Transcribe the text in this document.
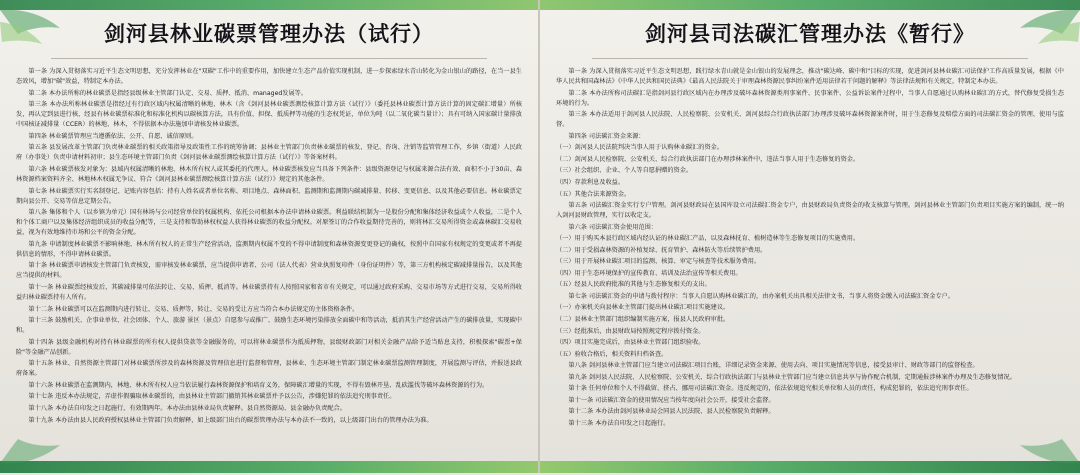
剑河县林业碳票管理办法（试行）

第一条 为深入贯彻落实习近平生态文明思想，充分发挥林业在"双碳"工作中的重要作用，加快建立生态产品价值实现机制，进一步探索绿水青山转化为金山银山的路径，在当一县生态效风，增加"碳"效益，特制定本办法。

第二条 本办法所称的林业碳票是指经县级林业主管部门认定、交易、质押、抵消、managed发展等。

第三条 本办法所称林业碳票是指经过有行政区域内权属清晰的林地、林木（含《剑河县林业碳票测绘核算计算方法（试行）》（委托县林业碳票计算方法计算的固定碳汇增量）所核发，再认定到县进行核，经县有林业碳票标准化和标准化机构以碳核算方法，具有价值、担保、抵质押等功能的生态权凭证，单位为吨（以二氧化碳当量计）；具有可纳入国家碳计量排放中国核证减排量（CCER）的林地、林木，不得依据本办法施加申请核发林业碳票。

第四条 林业碳票管理应当遵循依法、公开、自愿、诚信原则。

第五条 县发展改革主管部门负责林业碳票的相关政策指导及政策性工作的统筹协调；县林业主管部门负责林业碳票的核发、登记、咨询、注销等监管管理工作，乡镇（街道）人民政府（办事处）负责申请材料初审；县生态环境主管部门负责《剑河县林业碳票测绘核算计算方法（试行）》等备案材料。

第六条 林业碳票核发对象为：县域内权属清晰的林地、林木所有权人或其委托的代理人。林业碳票核发应当具备下列条件：县级资源登记与权属来源合法有效、面积不小于30亩、森林资源档案资料齐全、林地林木权属无争议、符合《剑河县林业碳票测绘核算计算方法（试行）》规定的其他条件。

第七条 林业碳票实行实名制登记、记账内容包括：持有人姓名或者单位名称、项目地点、森林面积、监测期和监测期内碳减排量、转移、变更信息、以及其他必要信息。林业碳票定期向县公开、交易等信息定期公告。

第八条 集体和个人（以乡镇为单元）国有林场与公司经营单位的权属机构、依托公司根据本办法申请林业碳票。利益联结机制为一是股份分配和集体经济收益或个人收益，二是个人和个体工商户以及集体经济组织成员的收益分配等，三是支持和帮助林权权益人获得林业碳票的收益分配权。对原签订的合作收益期待完善的，则将林汇交易所得资金或森林碳汇交易收益，视为有效地维持市场和公平的资金分配。

第九条 申请制度林业碳票不影响林地、林木所有权人的正常生产经营活动，监测期内权属不变的不得申请制度和森林资源变更登记的确权，按照中自国家有权规定的变更或者不再提供信息的情形，不得申请林业碳票。

第十条 林业碳票申请核发主管部门负责核发，需审核发林业碳票，应当提供申请者、公司（法人代表）营业执照复印件（身份证明件）等，第三方机构核定碳减排量报告，以及其他应当提供的材料。

第十一条 林业碳票经核发后，其碳减排量可依法转让、交易、质押、抵消等。林业碳票持有人按照国家和省市有关规定，可以通过政府采购、交易市场等方式进行交易，交易所得收益归林业碳票持有人所有。

第十二条 林业碳票可以在监测期内进行转让、交易、质押等，转让、交易的受让方应当符合本办法规定的主体资格条件。

第十三条 鼓励机关、企事业单位、社会团体、个人、旅游 景区（景点）自愿参与或推广、鼓励生态环境污染排放全面碳中和等活动，抵消其生产经营活动产生的碳排放量，实现碳中和。

第十四条 县级金融机构对持有林业碳票的所有权人提供贷款等金融服务的，可以将林业碳票作为抵质押物，县级财政部门对相关金融产品给予适当贴息支持，积极探索"碳票+保险"等金融产品创新。

第十五条 林业、自然资源主管部门对林业碳票所涉及的森林资源及管理信息进行监督和管理，县林业、生态环境主管部门制定林业碳票监测管理制度，开展监测与评估，并报送县政府备案。

第十六条 林业碳票在监测期内，林地、林木所有权人应当依法履行森林资源保护和培育义务，保障碳汇增量的实现，不得有毁林开垦、乱砍滥伐等破坏森林资源的行为。

第十七条 违反本办法规定，弄虚作假骗取林业碳票的，由县林业主管部门撤销其林业碳票并予以公告，涉嫌犯罪的依法追究刑事责任。

第十八条 本办法自印发之日起施行，有效期两年。本办法由县林业局负责解释。县自然资源局、县金融办负责配合。

第十九条 本办法由县人民政府授权县林业主管部门负责解释，如上级部门出台的碳票管理办法与本办法不一致的，以上级部门出台的管理办法为准。

剑河县司法碳汇管理办法《暂行》

第一条 为深入贯彻落实习近平生态文明思想，践行绿水青山就是金山银山的发展理念，推动"碳达峰、碳中和"目标的实现，促进剑河县林业碳汇司法保护工作高质量发展，根据《中华人民共和国森林法》《中华人民共和国民法典》《最高人民法院关于审理森林资源民事纠纷案件适用法律若干问题的解释》等法律法规和有关规定，特制定本办法。

第二条 本办法所称司法碳汇是指剑河县行政区域内在办理涉及破坏森林资源类刑事案件、民事案件、公益诉讼案件过程中，当事人自愿通过认购林业碳汇的方式，替代修复受损生态环境的行为。

第三条 本办法适用于剑河县人民法院、人民检察院、公安机关、剑河县综合行政执法部门办理涉及破坏森林资源案件时，用于生态修复及赔偿方面的司法碳汇资金的管理、使用与监督。

第四条 司法碳汇资金来源：

（一）剑河县人民法院判决当事人用于认购林业碳汇的资金。

（二）剑河县人民检察院、公安机关、综合行政执法部门在办理涉林案件中，违法当事人用于生态修复的资金。

（三）社会组织、企业、个人等自愿捐赠的资金。

（四）存款利息及收益。

（五）其他合法来源资金。

第五条 司法碳汇资金实行专户管理。剑河县财政局在县国库设立司法碳汇资金专户，由县财政局负责资金的收支核算与管理。剑河县林业主管部门负责项目实施方案的编制，统一纳入剑河县财政管理，实行以收定支。

第六条 司法碳汇资金使用范围：

（一）用于购买本县行政区域内经认证的林业碳汇产品，以及森林抚育、植树造林等生态修复项目的实施费用。

（二）用于受损森林资源的补植复绿、抚育管护、森林防火等后续管护费用。

（三）用于开展林业碳汇项目的监测、核算、审定与核查等技术服务费用。

（四）用于生态环境保护的宣传教育、培训及法治宣传等相关费用。

（五）经县人民政府批准的其他与生态修复相关的支出。

第七条 司法碳汇资金的申请与拨付程序：当事人自愿认购林业碳汇的，由办案机关出具相关法律文书，当事人将资金缴入司法碳汇资金专户。

（一）办案机关向县林业主管部门提出林业碳汇项目实施建议。

（二）县林业主管部门组织编制实施方案，报县人民政府审批。

（三）经批准后，由县财政局按照规定程序拨付资金。

（四）项目实施完成后，由县林业主管部门组织验收。

（五）验收合格后，相关资料归档备查。

第八条 剑河县林业主管部门应当建立司法碳汇项目台账，详细记录资金来源、使用去向、项目实施情况等信息，接受县审计、财政等部门的监督检查。

第九条 剑河县人民法院、人民检察院、公安机关、综合行政执法部门与县林业主管部门应当建立信息共享与协作配合机制，定期通报涉林案件办理及生态修复情况。

第十条 任何单位和个人不得截留、挤占、挪用司法碳汇资金。违反规定的，依法依规追究相关单位和人员的责任，构成犯罪的，依法追究刑事责任。

第十一条 司法碳汇资金的使用情况应当按年度向社会公开，接受社会监督。

第十二条 本办法由剑河县林业局会同县人民法院、县人民检察院负责解释。

第十三条 本办法自印发之日起施行。
